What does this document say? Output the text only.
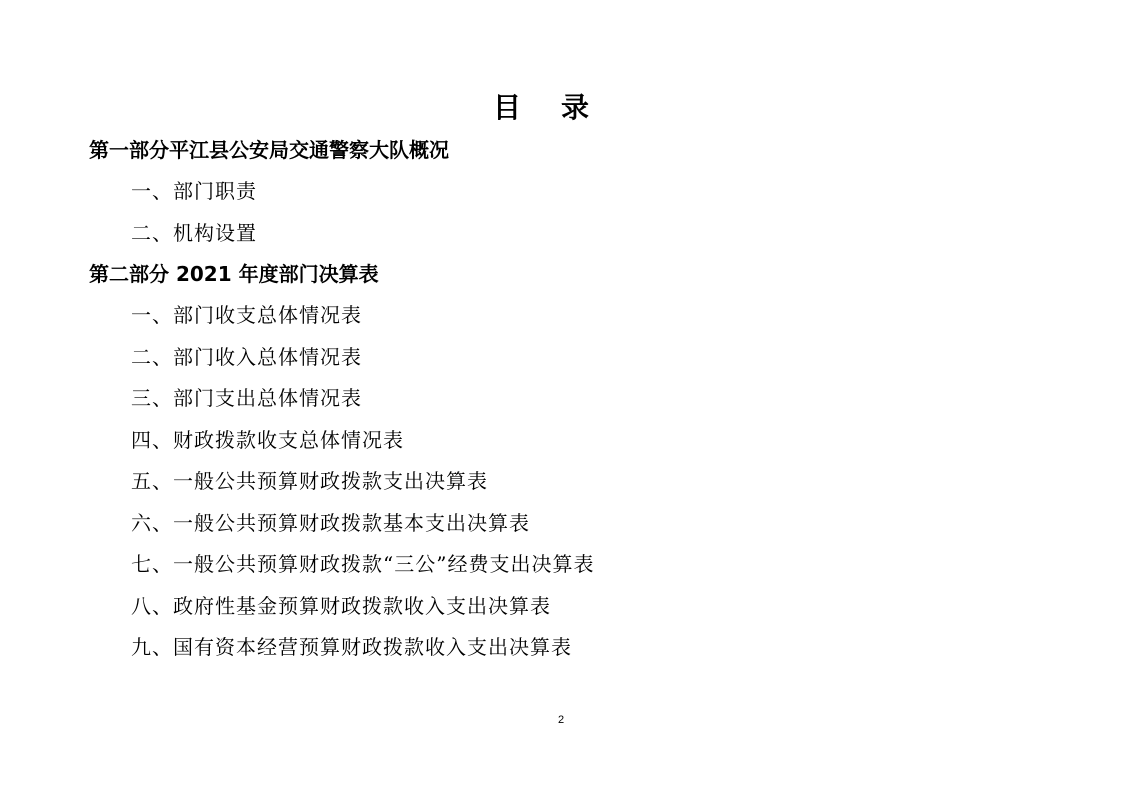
目录
第一部分平江县公安局交通警察大队概况
一、部门职责
二、机构设置
第二部分 2021 年度部门决算表
一、部门收支总体情况表
二、部门收入总体情况表
三、部门支出总体情况表
四、财政拨款收支总体情况表
五、一般公共预算财政拨款支出决算表
六、一般公共预算财政拨款基本支出决算表
七、一般公共预算财政拨款“三公”经费支出决算表
八、政府性基金预算财政拨款收入支出决算表
九、国有资本经营预算财政拨款收入支出决算表
2
